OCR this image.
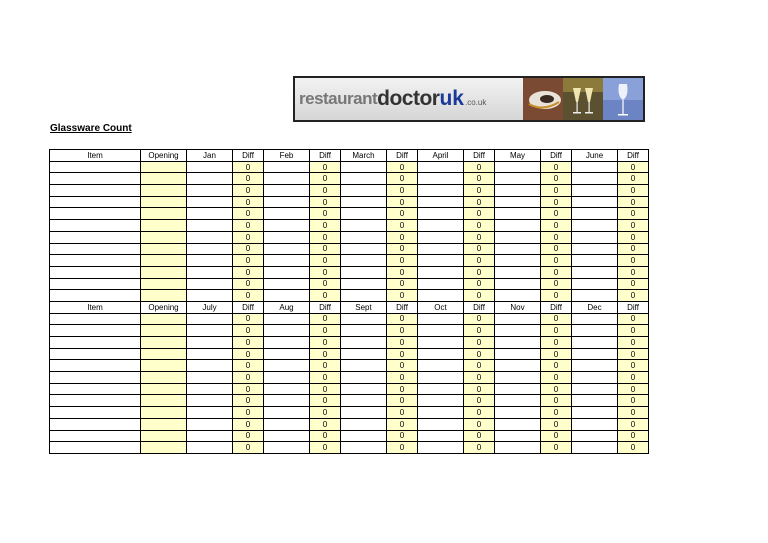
restaurant doctor uk .co.uk
Glassware Count
Item	Opening	Jan	Diff	Feb	Diff	March	Diff	April	Diff	May	Diff	June	Diff
			0		0		0		0		0		0
			0		0		0		0		0		0
			0		0		0		0		0		0
			0		0		0		0		0		0
			0		0		0		0		0		0
			0		0		0		0		0		0
			0		0		0		0		0		0
			0		0		0		0		0		0
			0		0		0		0		0		0
			0		0		0		0		0		0
			0		0		0		0		0		0
			0		0		0		0		0		0
Item	Opening	July	Diff	Aug	Diff	Sept	Diff	Oct	Diff	Nov	Diff	Dec	Diff
			0		0		0		0		0		0
			0		0		0		0		0		0
			0		0		0		0		0		0
			0		0		0		0		0		0
			0		0		0		0		0		0
			0		0		0		0		0		0
			0		0		0		0		0		0
			0		0		0		0		0		0
			0		0		0		0		0		0
			0		0		0		0		0		0
			0		0		0		0		0		0
			0		0		0		0		0		0
